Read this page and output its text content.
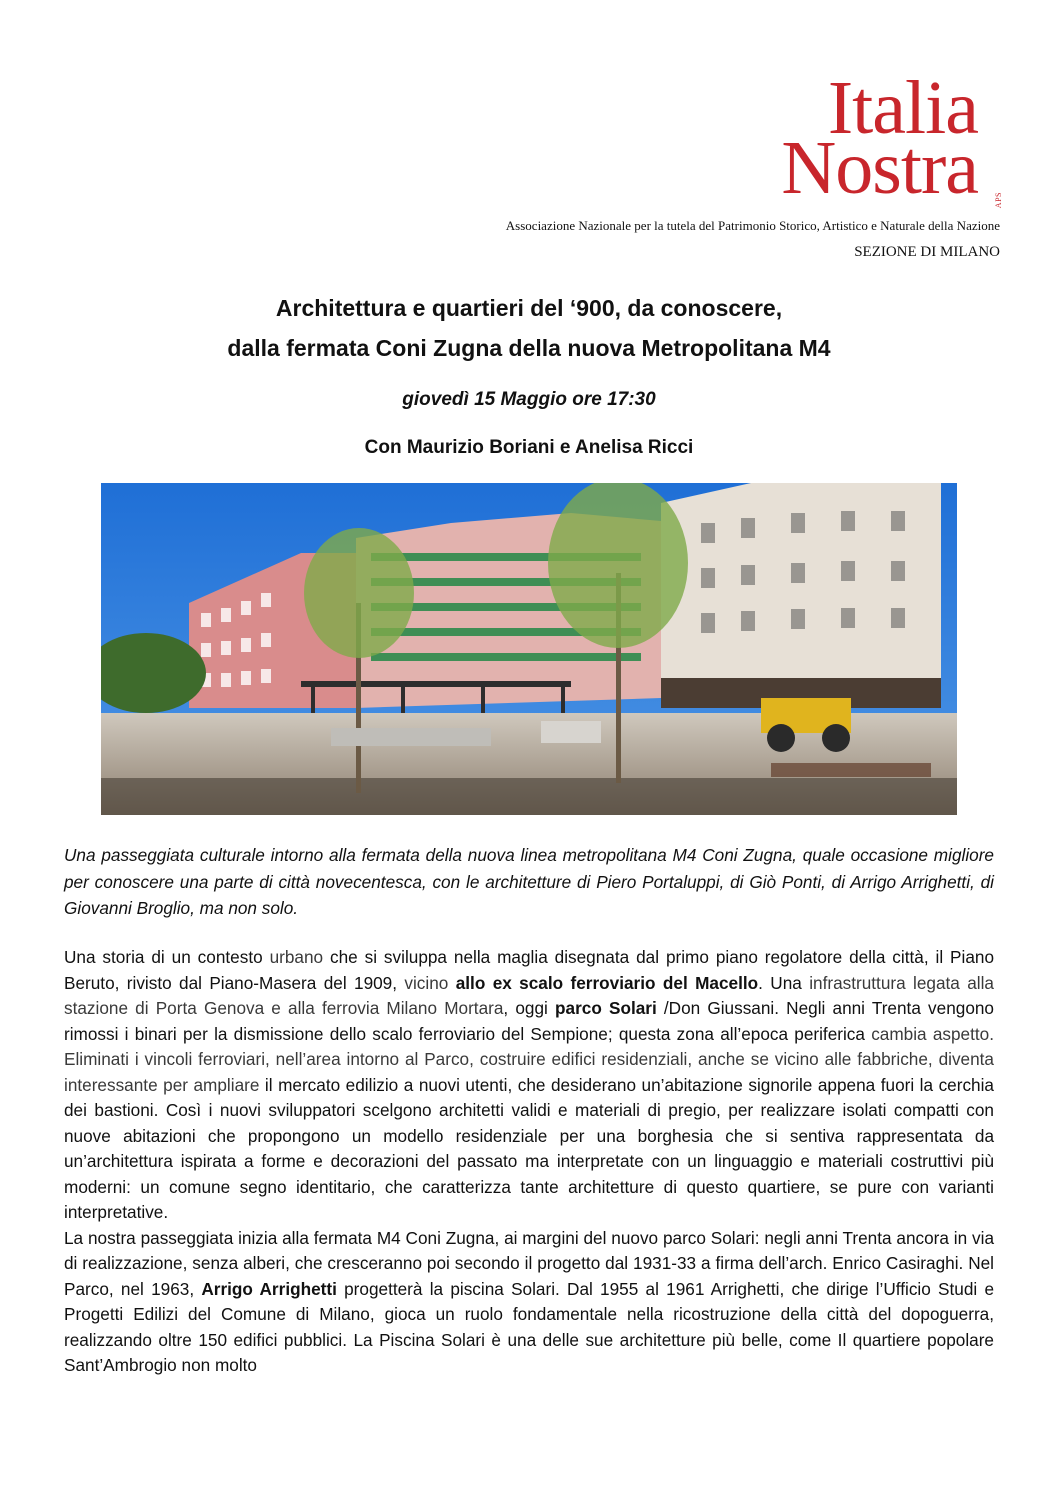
Italia
Nostra APS
Associazione Nazionale per la tutela del Patrimonio Storico, Artistico e Naturale della Nazione
SEZIONE DI MILANO
Architettura e quartieri del ‘900, da conoscere,
dalla fermata Coni Zugna della nuova Metropolitana M4
giovedì 15 Maggio ore 17:30
Con Maurizio Boriani e Anelisa Ricci
Una passeggiata culturale intorno alla fermata della nuova linea metropolitana M4 Coni Zugna, quale occasione migliore per conoscere una parte di città novecentesca, con le architetture di Piero Portaluppi, di Giò Ponti, di Arrigo Arrighetti, di Giovanni Broglio, ma non solo.

Una storia di un contesto urbano che si sviluppa nella maglia disegnata dal primo piano regolatore della città, il Piano Beruto, rivisto dal Piano-Masera del 1909, vicino allo ex scalo ferroviario del Macello. Una infrastruttura legata alla stazione di Porta Genova e alla ferrovia Milano Mortara, oggi parco Solari /Don Giussani. Negli anni Trenta vengono rimossi i binari per la dismissione dello scalo ferroviario del Sempione; questa zona all’epoca periferica cambia aspetto. Eliminati i vincoli ferroviari, nell’area intorno al Parco, costruire edifici residenziali, anche se vicino alle fabbriche, diventa interessante per ampliare il mercato edilizio a nuovi utenti, che desiderano un’abitazione signorile appena fuori la cerchia dei bastioni. Così i nuovi sviluppatori scelgono architetti validi e materiali di pregio, per realizzare isolati compatti con nuove abitazioni che propongono un modello residenziale per una borghesia che si sentiva rappresentata da un’architettura ispirata a forme e decorazioni del passato ma interpretate con un linguaggio e materiali costruttivi più moderni: un comune segno identitario, che caratterizza tante architetture di questo quartiere, se pure con varianti interpretative.

La nostra passeggiata inizia alla fermata M4 Coni Zugna, ai margini del nuovo parco Solari: negli anni Trenta ancora in via di realizzazione, senza alberi, che cresceranno poi secondo il progetto dal 1931-33 a firma dell’arch. Enrico Casiraghi. Nel Parco, nel 1963, Arrigo Arrighetti progetterà la piscina Solari. Dal 1955 al 1961 Arrighetti, che dirige l’Ufficio Studi e Progetti Edilizi del Comune di Milano, gioca un ruolo fondamentale nella ricostruzione della città del dopoguerra, realizzando oltre 150 edifici pubblici. La Piscina Solari è una delle sue architetture più belle, come Il quartiere popolare Sant’Ambrogio non molto
